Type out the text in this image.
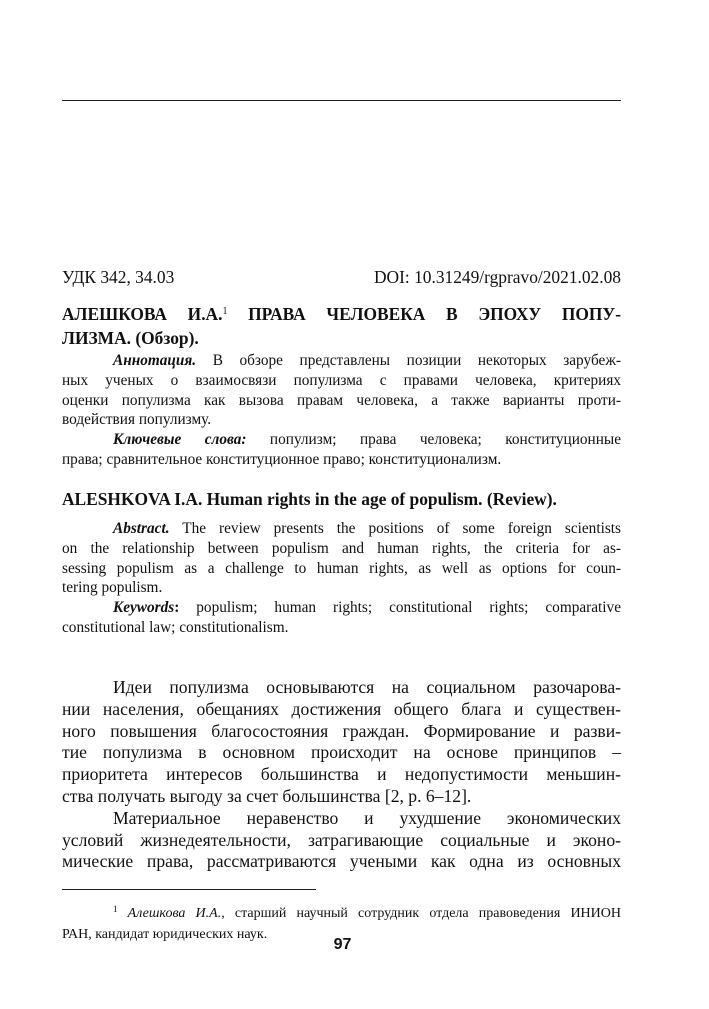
УДК 342, 34.03	DOI: 10.31249/rgpravo/2021.02.08
АЛЕШКОВА И.А.$^1$ ПРАВА ЧЕЛОВЕКА В ЭПОХУ ПОПУ-
ЛИЗМА. (Обзор).
Аннотация. В обзоре представлены позиции некоторых зарубеж-
ных ученых о взаимосвязи популизма с правами человека, критериях
оценки популизма как вызова правам человека, а также варианты проти-
водействия популизму.
Ключевые слова: популизм; права человека; конституционные
права; сравнительное конституционное право; конституционализм.
ALESHKOVA I.A. Human rights in the age of populism. (Review).
Abstract. The review presents the positions of some foreign scientists
on the relationship between populism and human rights, the criteria for as-
sessing populism as a challenge to human rights, as well as options for coun-
tering populism.
Keywords: populism; human rights; constitutional rights; comparative
constitutional law; constitutionalism.
Идеи популизма основываются на социальном разочарова-
нии населения, обещаниях достижения общего блага и существен-
ного повышения благосостояния граждан. Формирование и разви-
тие популизма в основном происходит на основе принципов –
приоритета интересов большинства и недопустимости меньшин-
ства получать выгоду за счет большинства [2, р. 6–12].
Материальное неравенство и ухудшение экономических
условий жизнедеятельности, затрагивающие социальные и эконо-
мические права, рассматриваются учеными как одна из основных
$^1$ Алешкова И.А., старший научный сотрудник отдела правоведения ИНИОН
РАН, кандидат юридических наук.
97
